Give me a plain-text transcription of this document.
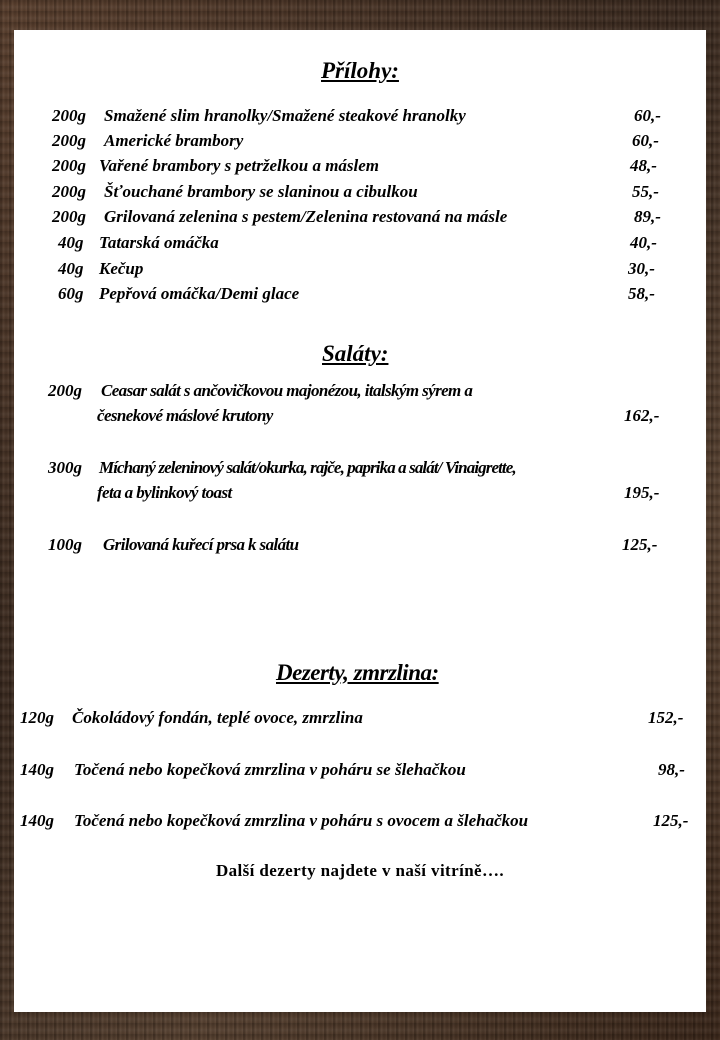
Přílohy:
200g Smažené slim hranolky/Smažené steakové hranolky	60,-
200g Americké brambory	60,-
200g Vařené brambory s petrželkou a máslem	48,-
200g Šťouchané brambory se slaninou a cibulkou	55,-
200g Grilovaná zelenina s pestem/Zelenina restovaná na másle	89,-
40g Tatarská omáčka	40,-
40g Kečup	30,-
60g Pepřová omáčka/Demi glace	58,-
Saláty:
200g Ceasar salát s ančovičkovou majonézou, italským sýrem a
česnekové máslové krutony	162,-
300g Míchaný zeleninový salát/okurka, rajče, paprika a salát/ Vinaigrette,
feta a bylinkový toast	195,-
100g Grilovaná kuřecí prsa k salátu	125,-
Dezerty, zmrzlina:
120g Čokoládový fondán, teplé ovoce, zmrzlina	152,-
140g Točená nebo kopečková zmrzlina v poháru se šlehačkou	98,-
140g Točená nebo kopečková zmrzlina v poháru s ovocem a šlehačkou	125,-
Další dezerty najdete v naší vitríně….
